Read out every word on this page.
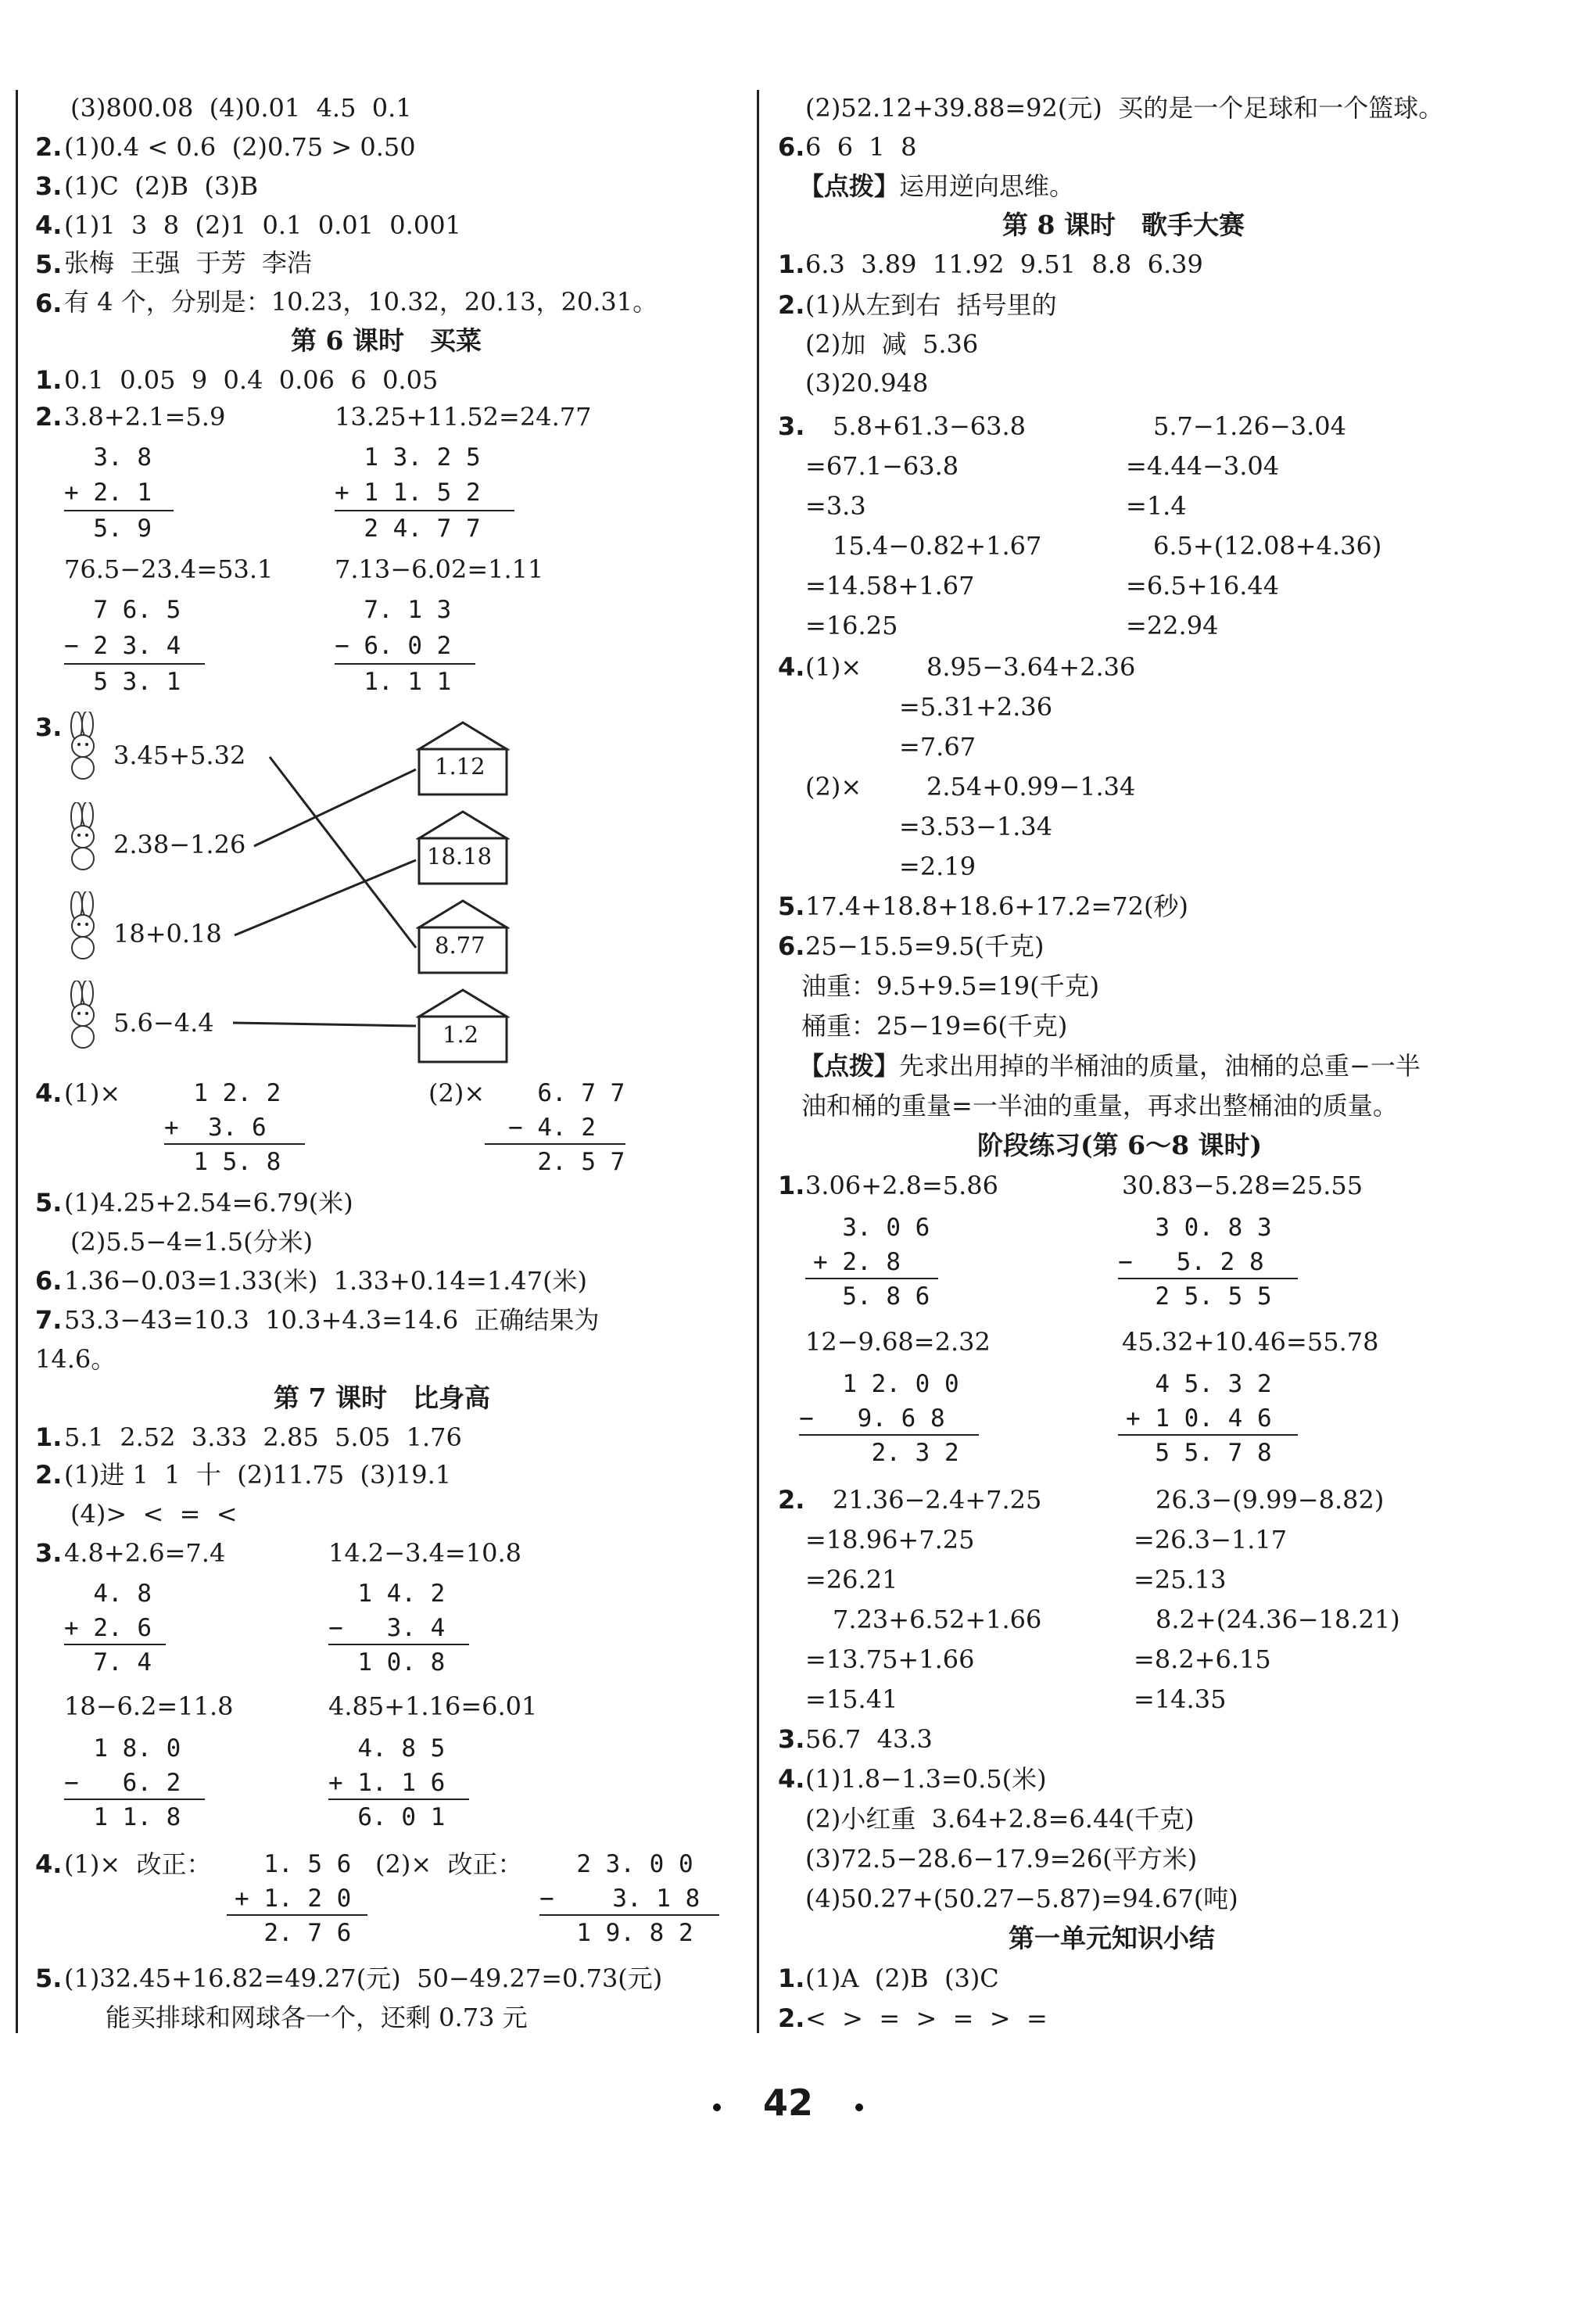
(3)800.08  (4)0.01  4.5  0.1
2. (1)0.4 < 0.6  (2)0.75 > 0.50
3. (1)C  (2)B  (3)B
4. (1)1  3  8  (2)1  0.1  0.01  0.001
5. 张梅  王强  于芳  李浩
6. 有 4 个，分别是：10.23，10.32，20.13，20.31。
第 6 课时　买菜
1. 0.1  0.05  9  0.4  0.06  6  0.05
2. 3.8+2.1=5.9	13.25+11.52=24.77
3. 8
+ 2. 1
5. 9
1 3. 2 5
+ 1 1. 5 2
2 4. 7 7
76.5−23.4=53.1 7.13−6.02=1.11
7 6. 5
− 2 3. 4
5 3. 1
7. 1 3
− 6. 0 2
1. 1 1
3.
3.45+5.32
2.38−1.26
18+0.18
5.6−4.4
1.12
18.18
8.77
1.2
4. (1)× 1 2. 2
+  3. 6
1 5. 8
(2)× 6. 7 7
− 4. 2
2. 5 7
5. (1)4.25+2.54=6.79(米)
(2)5.5−4=1.5(分米)
6. 1.36−0.03=1.33(米)  1.33+0.14=1.47(米)
7. 53.3−43=10.3  10.3+4.3=14.6  正确结果为
14.6。
第 7 课时　比身高
1. 5.1  2.52  3.33  2.85  5.05  1.76
2. (1)进 1  1  十  (2)11.75  (3)19.1
(4)>  <  =  <
3. 4.8+2.6=7.4	14.2−3.4=10.8
4. 8
+ 2. 6
7. 4
1 4. 2
−   3. 4
1 0. 8
18−6.2=11.8	4.85+1.16=6.01
1 8. 0
−   6. 2
1 1. 8
4. 8 5
+ 1. 1 6
6. 0 1
4. (1)×  改正： 1. 5 6
+ 1. 2 0
2. 7 6
(2)×  改正： 2 3. 0 0
−    3. 1 8
1 9. 8 2
5. (1)32.45+16.82=49.27(元)  50−49.27=0.73(元)
能买排球和网球各一个，还剩 0.73 元
(2)52.12+39.88=92(元)  买的是一个足球和一个篮球。
6. 6  6  1  8
【点拨】 运用逆向思维。
第 8 课时　歌手大赛
1. 6.3  3.89  11.92  9.51  8.8  6.39
2. (1)从左到右  括号里的
(2)加  减  5.36
(3)20.948
3. 5.8+61.3−63.8	5.7−1.26−3.04
=67.1−63.8	=4.44−3.04
=3.3	=1.4
15.4−0.82+1.67	6.5+(12.08+4.36)
=14.58+1.67	=6.5+16.44
=16.25	=22.94
4. (1)×	8.95−3.64+2.36
=5.31+2.36
=7.67
(2)×	2.54+0.99−1.34
=3.53−1.34
=2.19
5. 17.4+18.8+18.6+17.2=72(秒)
6. 25−15.5=9.5(千克)
油重：9.5+9.5=19(千克)
桶重：25−19=6(千克)
【点拨】 先求出用掉的半桶油的质量，油桶的总重−一半
油和桶的重量=一半油的重量，再求出整桶油的质量。
阶段练习(第 6～8 课时)
1. 3.06+2.8=5.86	30.83−5.28=25.55
3. 0 6
+ 2. 8
5. 8 6
3 0. 8 3
−   5. 2 8
2 5. 5 5
12−9.68=2.32	45.32+10.46=55.78
1 2. 0 0
−   9. 6 8
2. 3 2
4 5. 3 2
+ 1 0. 4 6
5 5. 7 8
2. 21.36−2.4+7.25	26.3−(9.99−8.82)
=18.96+7.25	=26.3−1.17
=26.21	=25.13
7.23+6.52+1.66	8.2+(24.36−18.21)
=13.75+1.66	=8.2+6.15
=15.41	=14.35
3. 56.7  43.3
4. (1)1.8−1.3=0.5(米)
(2)小红重  3.64+2.8=6.44(千克)
(3)72.5−28.6−17.9=26(平方米)
(4)50.27+(50.27−5.87)=94.67(吨)
第一单元知识小结
1. (1)A  (2)B  (3)C
2. <  >  =  >  =  >  =
42
